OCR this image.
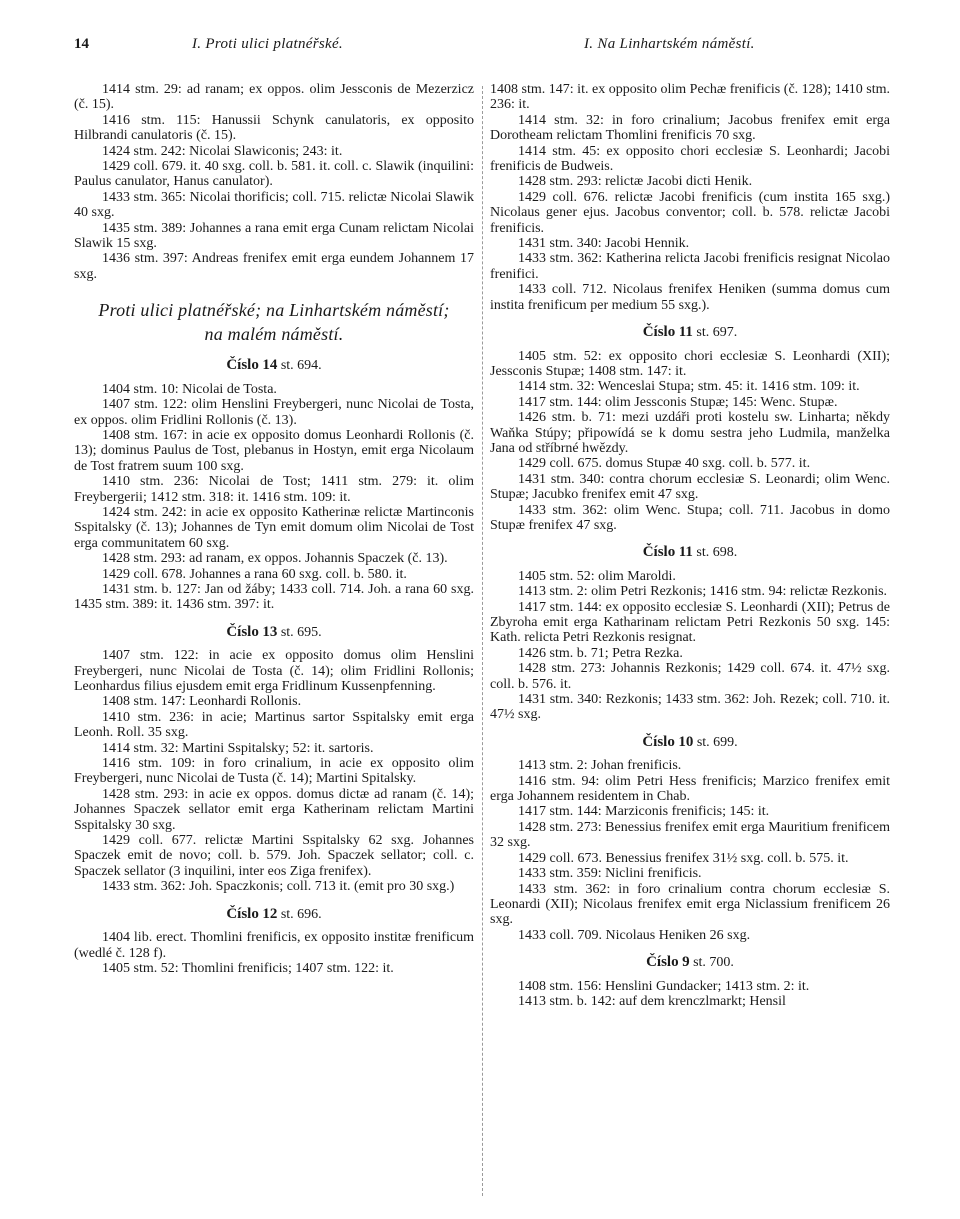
14	I. Proti ulici platnéřské.	I. Na Linhartském náměstí.

1414 stm. 29: ad ranam; ex oppos. olim Jessconis de Mezerzicz (č. 15).

1416 stm. 115: Hanussii Schynk canulatoris, ex opposito Hilbrandi canulatoris (č. 15).

1424 stm. 242: Nicolai Slawiconis; 243: it.

1429 coll. 679. it. 40 sxg. coll. b. 581. it. coll. c. Slawik (inquilini: Paulus canulator, Hanus canulator).

1433 stm. 365: Nicolai thorificis; coll. 715. relictæ Nicolai Slawik 40 sxg.

1435 stm. 389: Johannes a rana emit erga Cunam relictam Nicolai Slawik 15 sxg.

1436 stm. 397: Andreas frenifex emit erga eundem Johannem 17 sxg.

Proti ulici platnéřské; na Linhartském náměstí;
na malém náměstí.
Číslo 14 st. 694.

1404 stm. 10: Nicolai de Tosta.

1407 stm. 122: olim Henslini Freybergeri, nunc Nicolai de Tosta, ex oppos. olim Fridlini Rollonis (č. 13).

1408 stm. 167: in acie ex opposito domus Leonhardi Rollonis (č. 13); dominus Paulus de Tost, plebanus in Hostyn, emit erga Nicolaum de Tost fratrem suum 100 sxg.

1410 stm. 236: Nicolai de Tost; 1411 stm. 279: it. olim Freybergerii; 1412 stm. 318: it. 1416 stm. 109: it.

1424 stm. 242: in acie ex opposito Katherinæ relictæ Martinconis Sspitalsky (č. 13); Johannes de Tyn emit domum olim Nicolai de Tost erga communitatem 60 sxg.

1428 stm. 293: ad ranam, ex oppos. Johannis Spaczek (č. 13).

1429 coll. 678. Johannes a rana 60 sxg. coll. b. 580. it.

1431 stm. b. 127: Jan od žáby; 1433 coll. 714. Joh. a rana 60 sxg. 1435 stm. 389: it. 1436 stm. 397: it.

Číslo 13 st. 695.

1407 stm. 122: in acie ex opposito domus olim Henslini Freybergeri, nunc Nicolai de Tosta (č. 14); olim Fridlini Rollonis; Leonhardus filius ejusdem emit erga Fridlinum Kussenpfenning.

1408 stm. 147: Leonhardi Rollonis.

1410 stm. 236: in acie; Martinus sartor Sspitalsky emit erga Leonh. Roll. 35 sxg.

1414 stm. 32: Martini Sspitalsky; 52: it. sartoris.

1416 stm. 109: in foro crinalium, in acie ex opposito olim Freybergeri, nunc Nicolai de Tusta (č. 14); Martini Spitalsky.

1428 stm. 293: in acie ex oppos. domus dictæ ad ranam (č. 14); Johannes Spaczek sellator emit erga Katherinam relictam Martini Sspitalsky 30 sxg.

1429 coll. 677. relictæ Martini Sspitalsky 62 sxg. Johannes Spaczek emit de novo; coll. b. 579. Joh. Spaczek sellator; coll. c. Spaczek sellator (3 inquilini, inter eos Ziga frenifex).

1433 stm. 362: Joh. Spaczkonis; coll. 713 it. (emit pro 30 sxg.)

Číslo 12 st. 696.

1404 lib. erect. Thomlini frenificis, ex opposito institæ frenificum (wedlé č. 128 f).

1405 stm. 52: Thomlini frenificis; 1407 stm. 122: it.

1408 stm. 147: it. ex opposito olim Pechæ frenificis (č. 128); 1410 stm. 236: it.

1414 stm. 32: in foro crinalium; Jacobus frenifex emit erga Dorotheam relictam Thomlini frenificis 70 sxg.

1414 stm. 45: ex opposito chori ecclesiæ S. Leonhardi; Jacobi frenificis de Budweis.

1428 stm. 293: relictæ Jacobi dicti Henik.

1429 coll. 676. relictæ Jacobi frenificis (cum instita 165 sxg.) Nicolaus gener ejus. Jacobus conventor; coll. b. 578. relictæ Jacobi frenificis.

1431 stm. 340: Jacobi Hennik.

1433 stm. 362: Katherina relicta Jacobi frenificis resignat Nicolao frenifici.

1433 coll. 712. Nicolaus frenifex Heniken (summa domus cum instita frenificum per medium 55 sxg.).

Číslo 11 st. 697.

1405 stm. 52: ex opposito chori ecclesiæ S. Leonhardi (XII); Jessconis Stupæ; 1408 stm. 147: it.

1414 stm. 32: Wenceslai Stupa; stm. 45: it. 1416 stm. 109: it.

1417 stm. 144: olim Jessconis Stupæ; 145: Wenc. Stupæ.

1426 stm. b. 71: mezi uzdáři proti kostelu sw. Linharta; někdy Waňka Stúpy; připowídá se k domu sestra jeho Ludmila, manželka Jana od stříbrné hwězdy.

1429 coll. 675. domus Stupæ 40 sxg. coll. b. 577. it.

1431 stm. 340: contra chorum ecclesiæ S. Leonardi; olim Wenc. Stupæ; Jacubko frenifex emit 47 sxg.

1433 stm. 362: olim Wenc. Stupa; coll. 711. Jacobus in domo Stupæ frenifex 47 sxg.

Číslo 11 st. 698.

1405 stm. 52: olim Maroldi.

1413 stm. 2: olim Petri Rezkonis; 1416 stm. 94: relictæ Rezkonis.

1417 stm. 144: ex opposito ecclesiæ S. Leonhardi (XII); Petrus de Zbyroha emit erga Katharinam relictam Petri Rezkonis 50 sxg. 145: Kath. relicta Petri Rezkonis resignat.

1426 stm. b. 71; Petra Rezka.

1428 stm. 273: Johannis Rezkonis; 1429 coll. 674. it. 47½ sxg. coll. b. 576. it.

1431 stm. 340: Rezkonis; 1433 stm. 362: Joh. Rezek; coll. 710. it. 47½ sxg.

Číslo 10 st. 699.

1413 stm. 2: Johan frenificis.

1416 stm. 94: olim Petri Hess frenificis; Marzico frenifex emit erga Johannem residentem in Chab.

1417 stm. 144: Marziconis frenificis; 145: it.

1428 stm. 273: Benessius frenifex emit erga Mauritium frenificem 32 sxg.

1429 coll. 673. Benessius frenifex 31½ sxg. coll. b. 575. it.

1433 stm. 359: Niclini frenificis.

1433 stm. 362: in foro crinalium contra chorum ecclesiæ S. Leonardi (XII); Nicolaus frenifex emit erga Niclassium frenificem 26 sxg.

1433 coll. 709. Nicolaus Heniken 26 sxg.

Číslo 9 st. 700.

1408 stm. 156: Henslini Gundacker; 1413 stm. 2: it.

1413 stm. b. 142: auf dem krenczlmarkt; Hensil
